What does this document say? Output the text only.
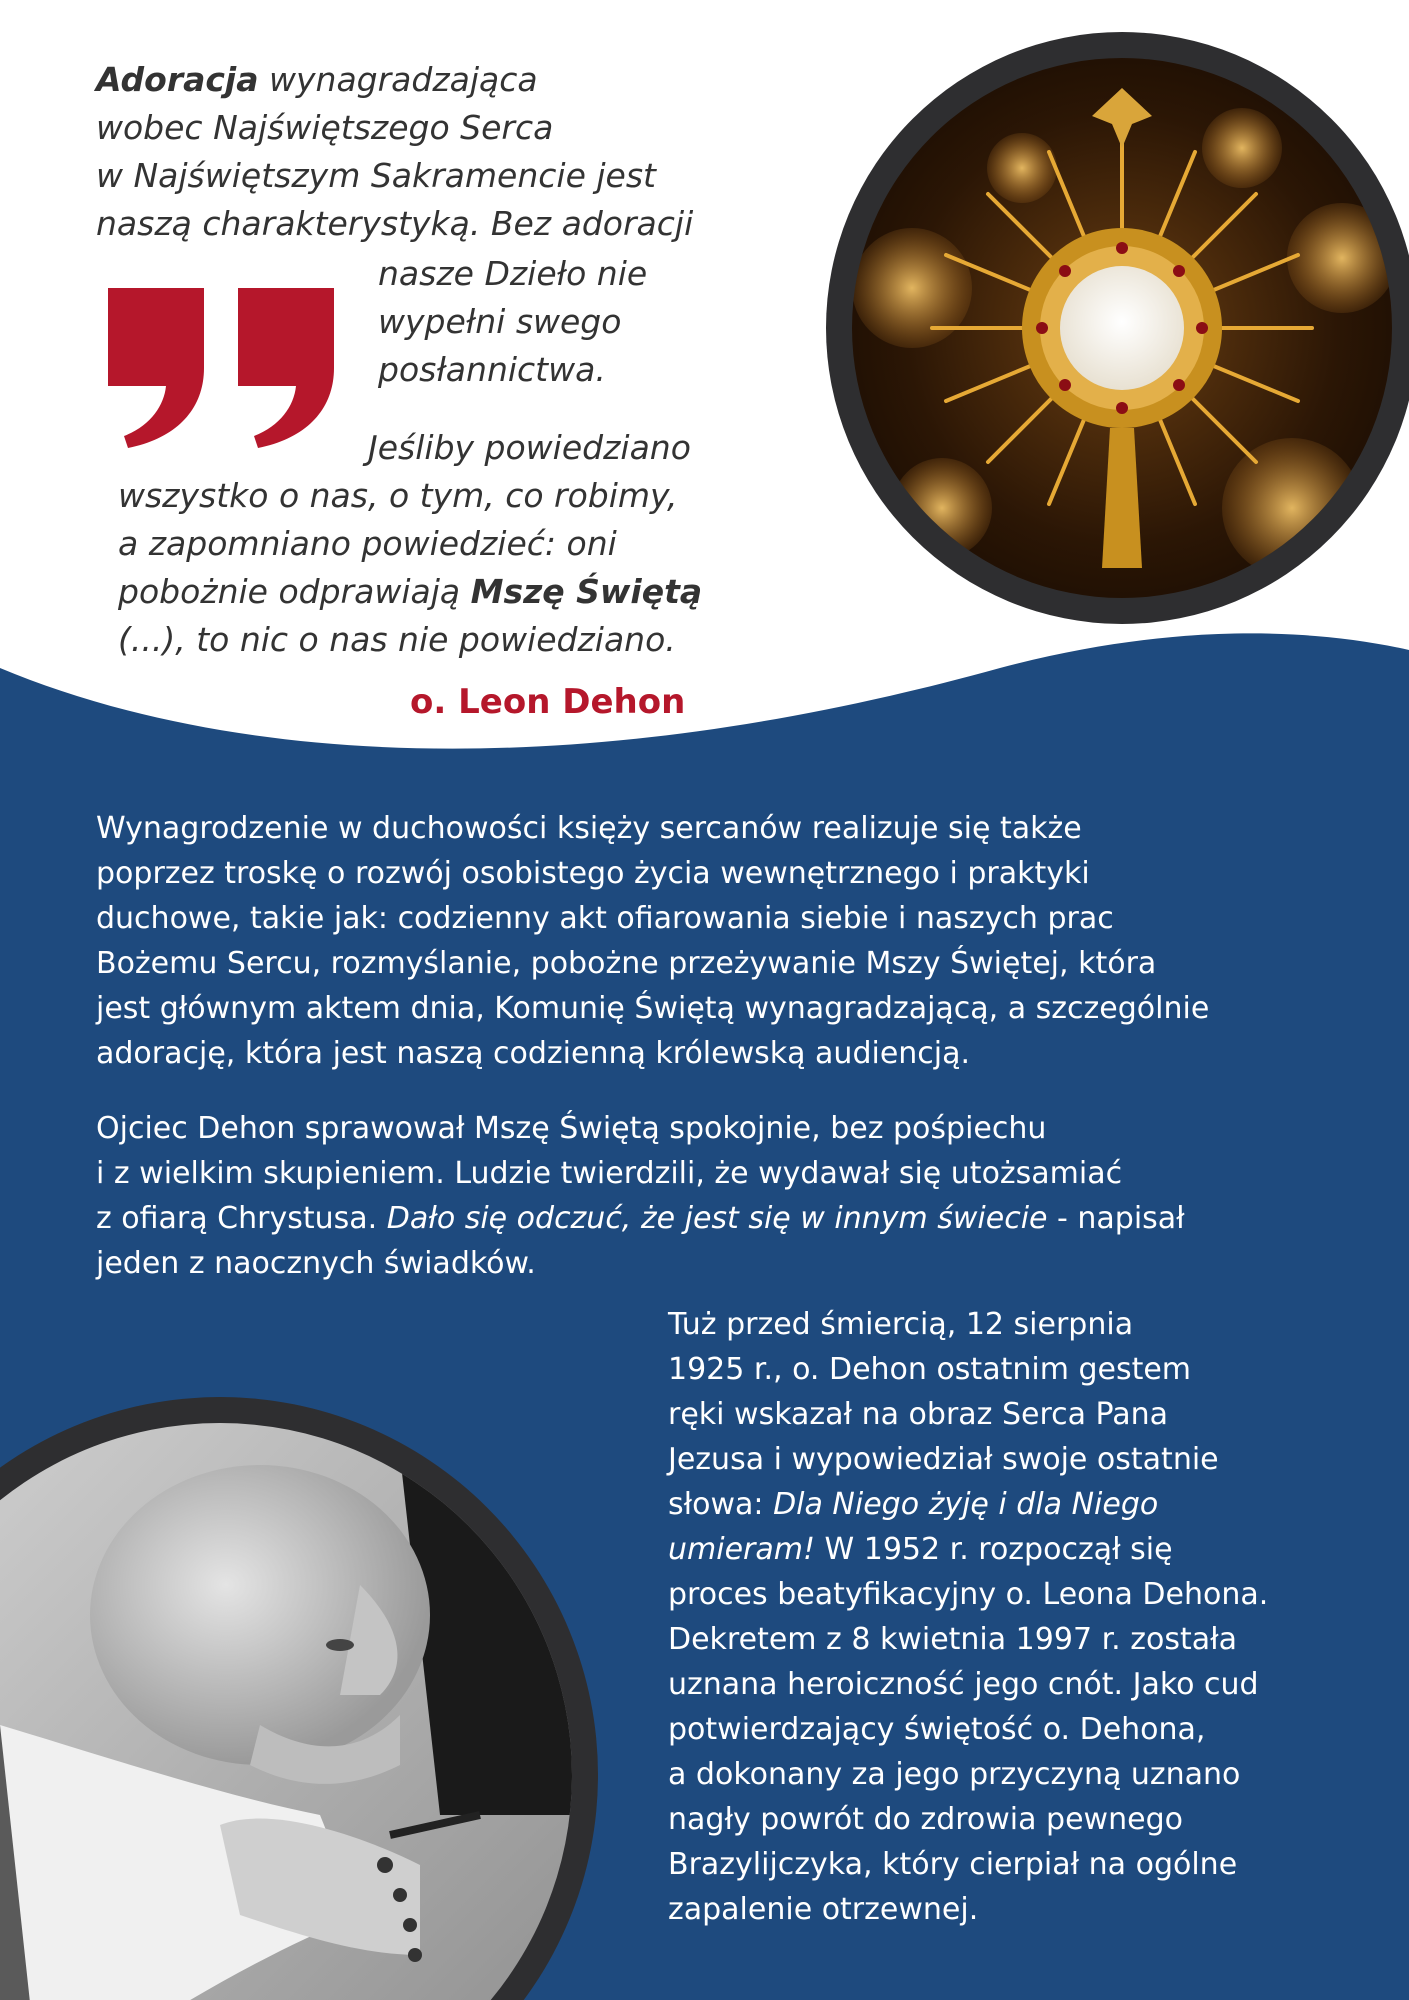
Adoracja wynagradzająca
wobec Najświętszego Serca
w Najświętszym Sakramencie jest
naszą charakterystyką. Bez adoracji
nasze Dzieło nie
wypełni swego
posłannictwa.
Jeśliby powiedziano
wszystko o nas, o tym, co robimy,
a zapomniano powiedzieć: oni
pobożnie odprawiają Mszę Świętą
(...), to nic o nas nie powiedziano.

o. Leon Dehon

Wynagrodzenie w duchowości księży sercanów realizuje się także
poprzez troskę o rozwój osobistego życia wewnętrznego i praktyki
duchowe, takie jak: codzienny akt ofiarowania siebie i naszych prac
Bożemu Sercu, rozmyślanie, pobożne przeżywanie Mszy Świętej, która
jest głównym aktem dnia, Komunię Świętą wynagradzającą, a szczególnie
adorację, która jest naszą codzienną królewską audiencją.
Ojciec Dehon sprawował Mszę Świętą spokojnie, bez pośpiechu
i z wielkim skupieniem. Ludzie twierdzili, że wydawał się utożsamiać
z ofiarą Chrystusa. Dało się odczuć, że jest się w innym świecie - napisał
jeden z naocznych świadków.
Tuż przed śmiercią, 12 sierpnia
1925 r., o. Dehon ostatnim gestem
ręki wskazał na obraz Serca Pana
Jezusa i wypowiedział swoje ostatnie
słowa: Dla Niego żyję i dla Niego
umieram! W 1952 r. rozpoczął się
proces beatyfikacyjny o. Leona Dehona.
Dekretem z 8 kwietnia 1997 r. została
uznana heroiczność jego cnót. Jako cud
potwierdzający świętość o. Dehona,
a dokonany za jego przyczyną uznano
nagły powrót do zdrowia pewnego
Brazylijczyka, który cierpiał na ogólne
zapalenie otrzewnej.
